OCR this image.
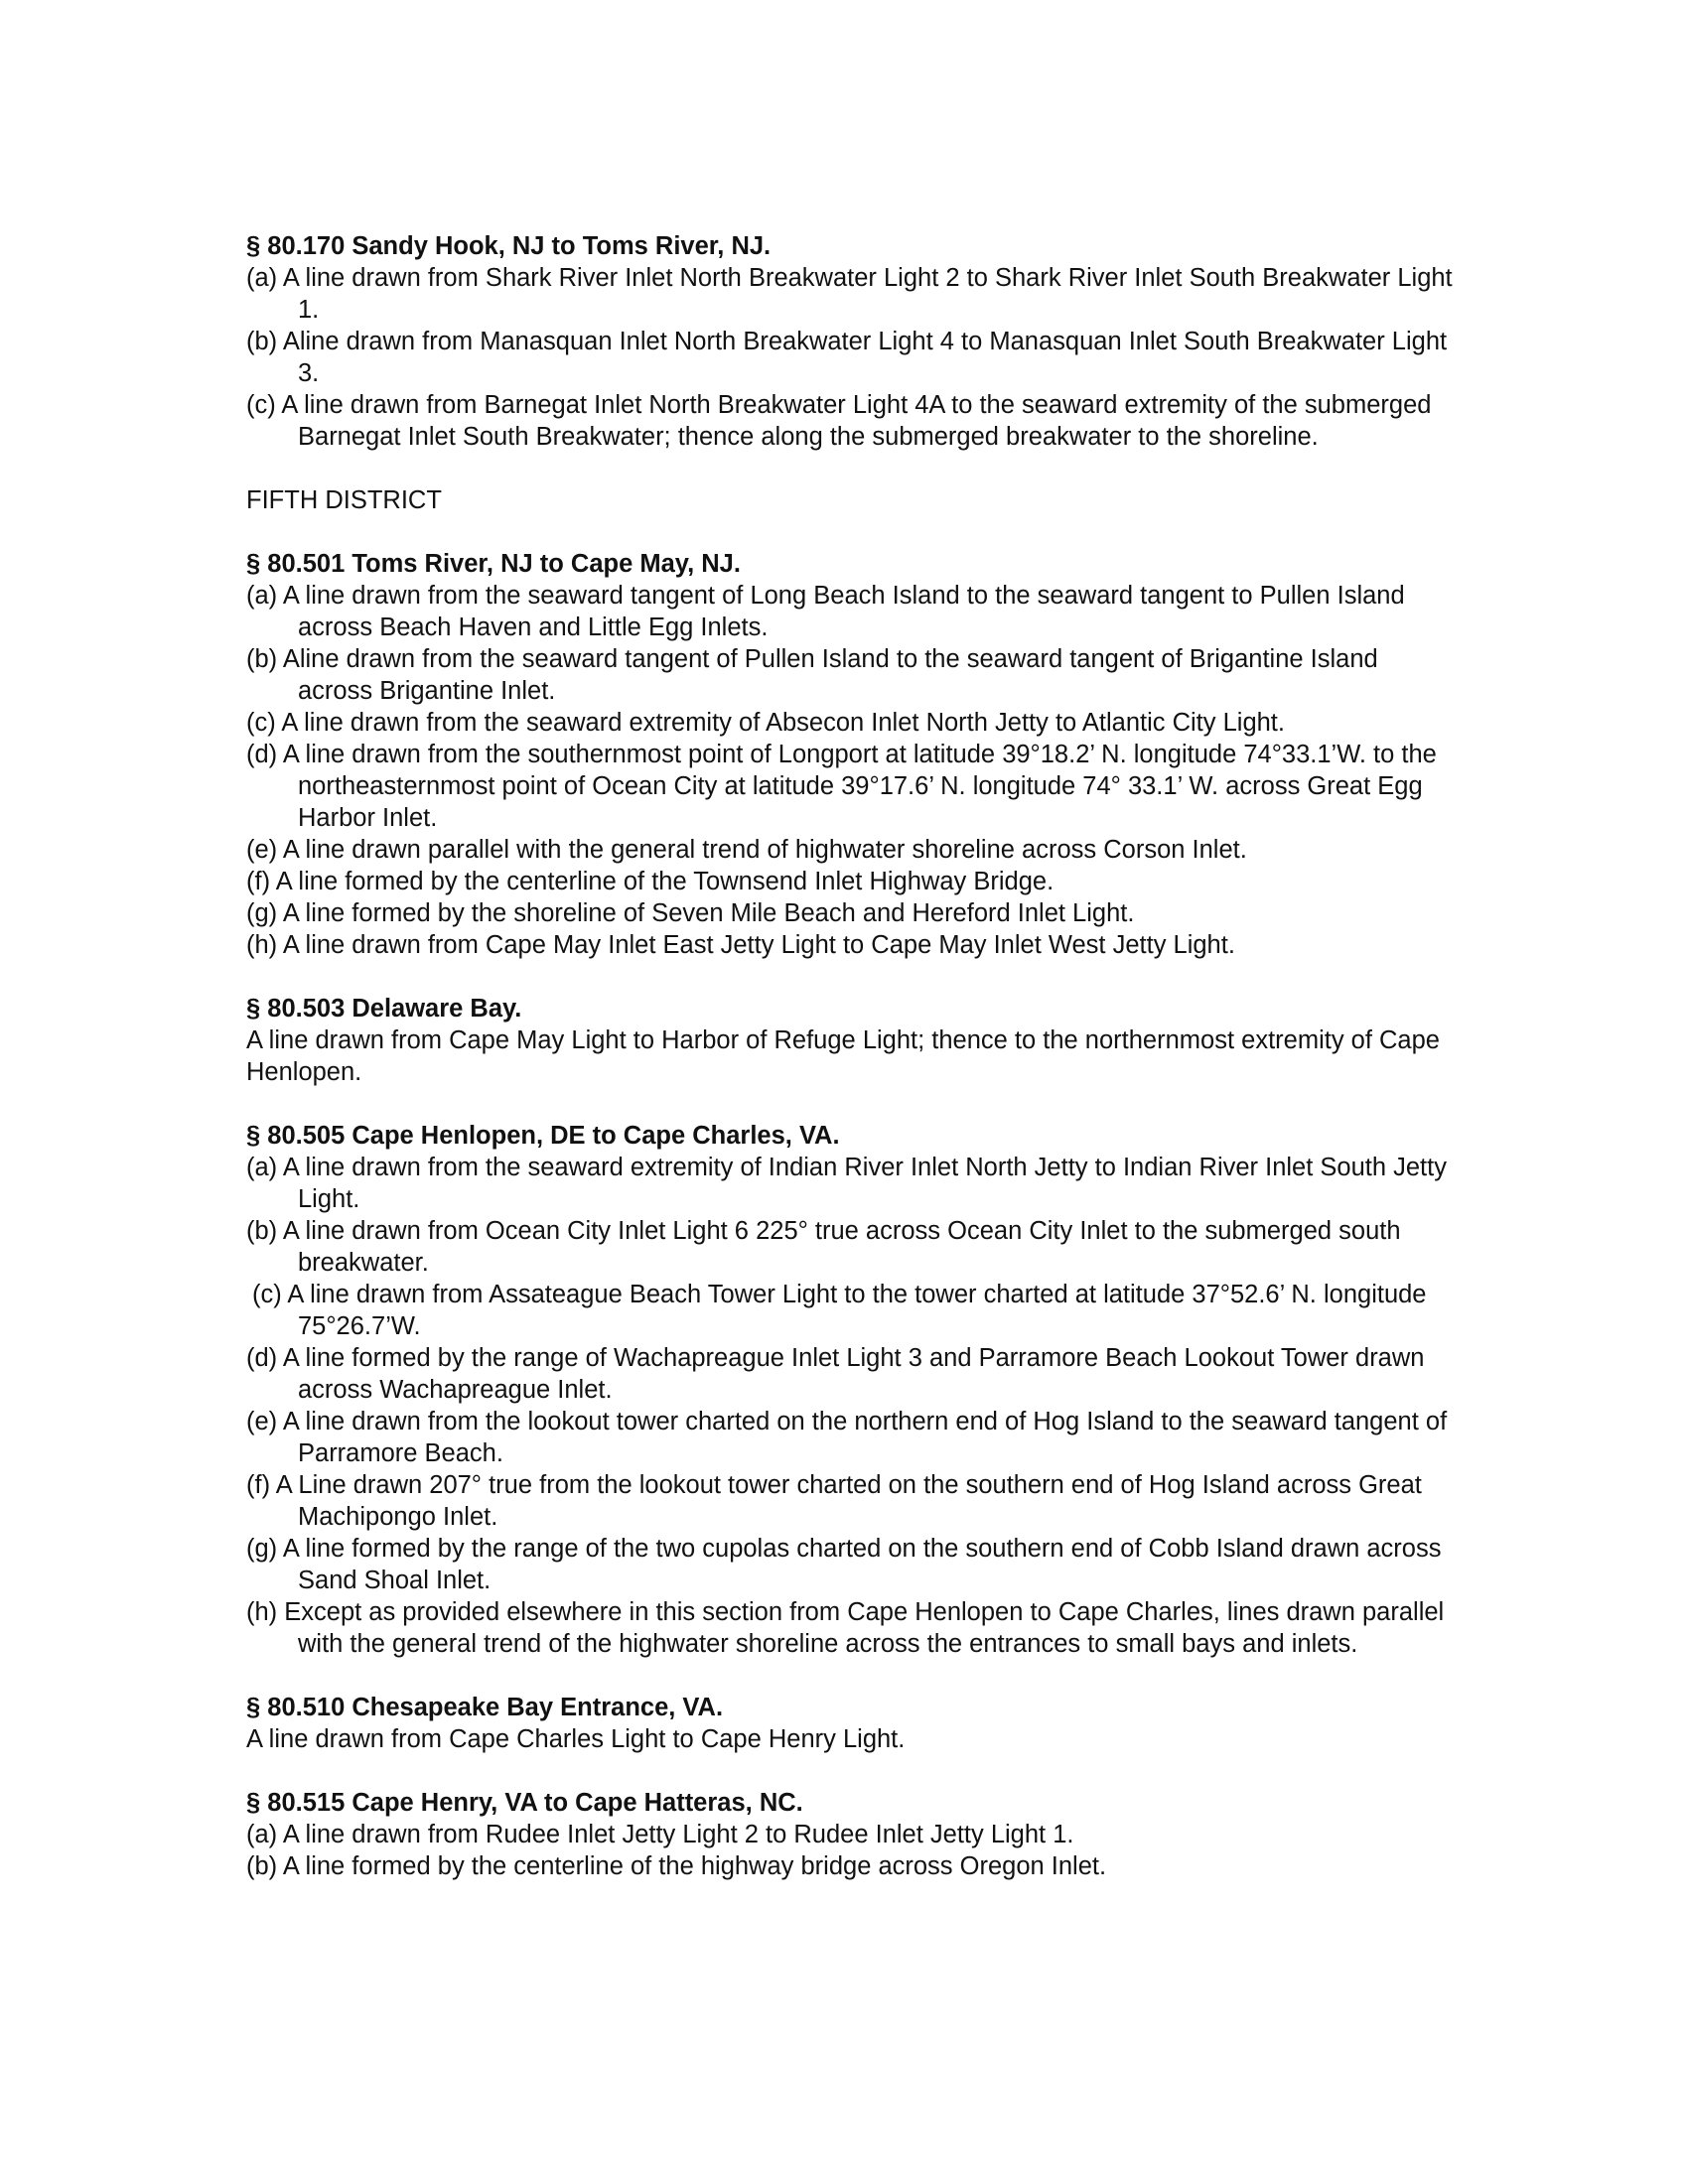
§ 80.170 Sandy Hook, NJ to Toms River, NJ.

(a) A line drawn from Shark River Inlet North Breakwater Light 2 to Shark River Inlet South Breakwater Light 1.

(b) Aline drawn from Manasquan Inlet North Breakwater Light 4 to Manasquan Inlet South Breakwater Light 3.

(c) A line drawn from Barnegat Inlet North Breakwater Light 4A to the seaward extremity of the submerged Barnegat Inlet South Breakwater; thence along the submerged breakwater to the shoreline.

FIFTH DISTRICT

§ 80.501 Toms River, NJ to Cape May, NJ.

(a) A line drawn from the seaward tangent of Long Beach Island to the seaward tangent to Pullen Island across Beach Haven and Little Egg Inlets.

(b) Aline drawn from the seaward tangent of Pullen Island to the seaward tangent of Brigantine Island across Brigantine Inlet.

(c) A line drawn from the seaward extremity of Absecon Inlet North Jetty to Atlantic City Light.

(d) A line drawn from the southernmost point of Longport at latitude 39°18.2’ N. longitude 74°33.1’W. to the northeasternmost point of Ocean City at latitude 39°17.6’ N. longitude 74° 33.1’ W. across Great Egg Harbor Inlet.

(e) A line drawn parallel with the general trend of highwater shoreline across Corson Inlet.

(f) A line formed by the centerline of the Townsend Inlet Highway Bridge.

(g) A line formed by the shoreline of Seven Mile Beach and Hereford Inlet Light.

(h) A line drawn from Cape May Inlet East Jetty Light to Cape May Inlet West Jetty Light.

§ 80.503 Delaware Bay.

A line drawn from Cape May Light to Harbor of Refuge Light; thence to the northernmost extremity of Cape Henlopen.

§ 80.505 Cape Henlopen, DE to Cape Charles, VA.

(a) A line drawn from the seaward extremity of Indian River Inlet North Jetty to Indian River Inlet South Jetty Light.

(b) A line drawn from Ocean City Inlet Light 6 225° true across Ocean City Inlet to the submerged south breakwater.

(c) A line drawn from Assateague Beach Tower Light to the tower charted at latitude 37°52.6’ N. longitude 75°26.7’W.

(d) A line formed by the range of Wachapreague Inlet Light 3 and Parramore Beach Lookout Tower drawn across Wachapreague Inlet.

(e) A line drawn from the lookout tower charted on the northern end of Hog Island to the seaward tangent of Parramore Beach.

(f) A Line drawn 207° true from the lookout tower charted on the southern end of Hog Island across Great Machipongo Inlet.

(g) A line formed by the range of the two cupolas charted on the southern end of Cobb Island drawn across Sand Shoal Inlet.

(h) Except as provided elsewhere in this section from Cape Henlopen to Cape Charles, lines drawn parallel with the general trend of the highwater shoreline across the entrances to small bays and inlets.

§ 80.510 Chesapeake Bay Entrance, VA.

A line drawn from Cape Charles Light to Cape Henry Light.

§ 80.515 Cape Henry, VA to Cape Hatteras, NC.

(a) A line drawn from Rudee Inlet Jetty Light 2 to Rudee Inlet Jetty Light 1.

(b) A line formed by the centerline of the highway bridge across Oregon Inlet.
